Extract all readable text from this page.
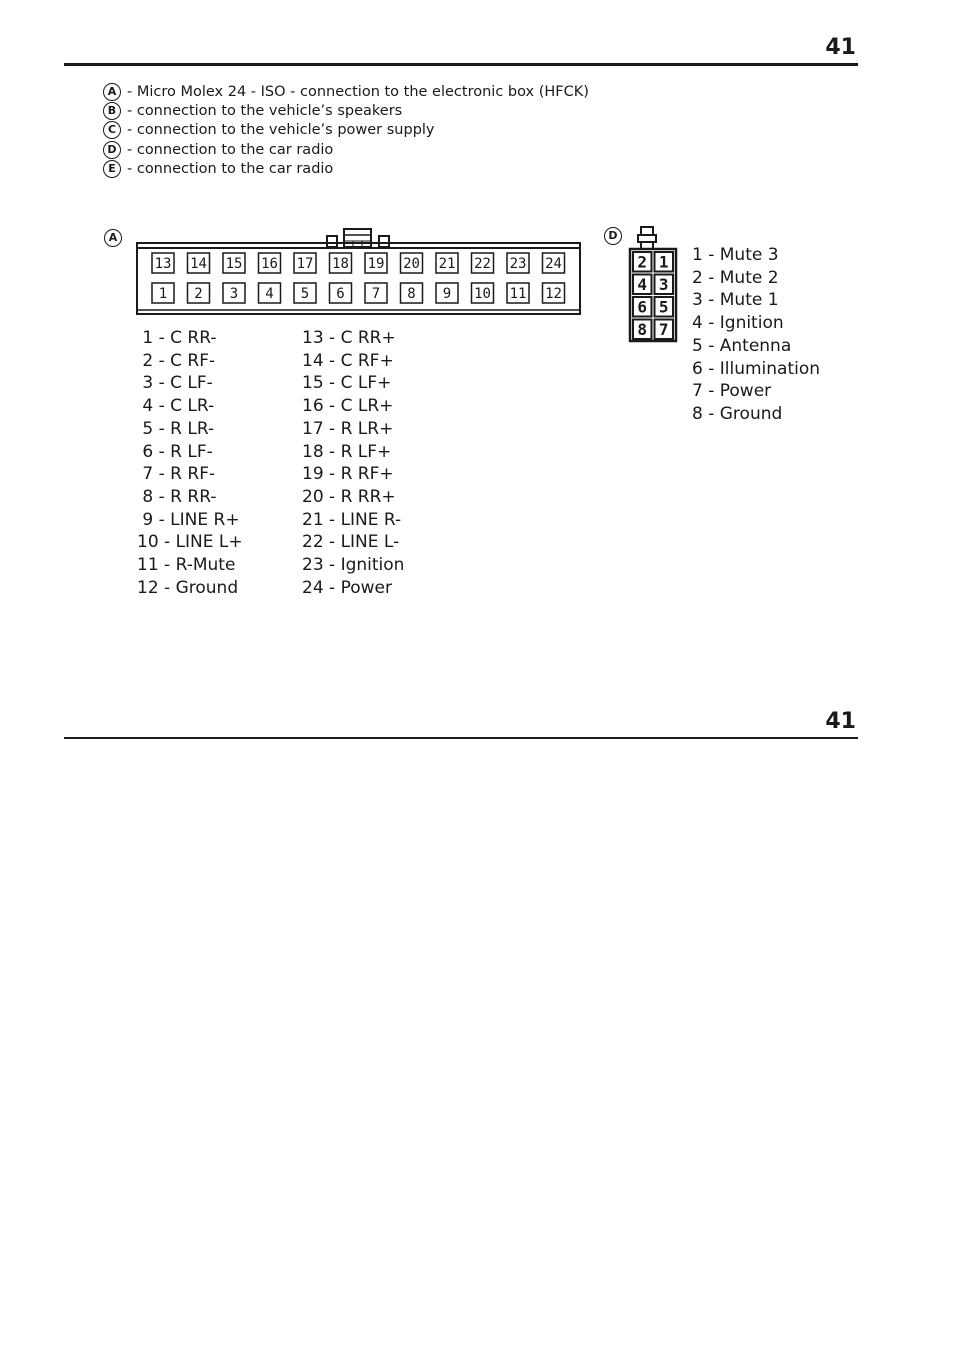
41
A - Micro Molex 24 - ISO - connection to the electronic box (HFCK)
B - connection to the vehicle’s speakers
C - connection to the vehicle’s power supply
D - connection to the car radio
E - connection to the car radio
A
13 14 15 16 17 18 19 20 21 22 23 24
1 2 3 4 5 6 7 8 9 10 11 12
1 - C RR-
2 - C RF-
3 - C LF-
4 - C LR-
5 - R LR-
6 - R LF-
7 - R RF-
8 - R RR-
9 - LINE R+
10 - LINE L+
11 - R-Mute
12 - Ground
13 - C RR+
14 - C RF+
15 - C LF+
16 - C LR+
17 - R LR+
18 - R LF+
19 - R RF+
20 - R RR+
21 - LINE R-
22 - LINE L-
23 - Ignition
24 - Power
D
2 1
4 3
6 5
8 7
1 - Mute 3
2 - Mute 2
3 - Mute 1
4 - Ignition
5 - Antenna
6 - Illumination
7 - Power
8 - Ground
41
